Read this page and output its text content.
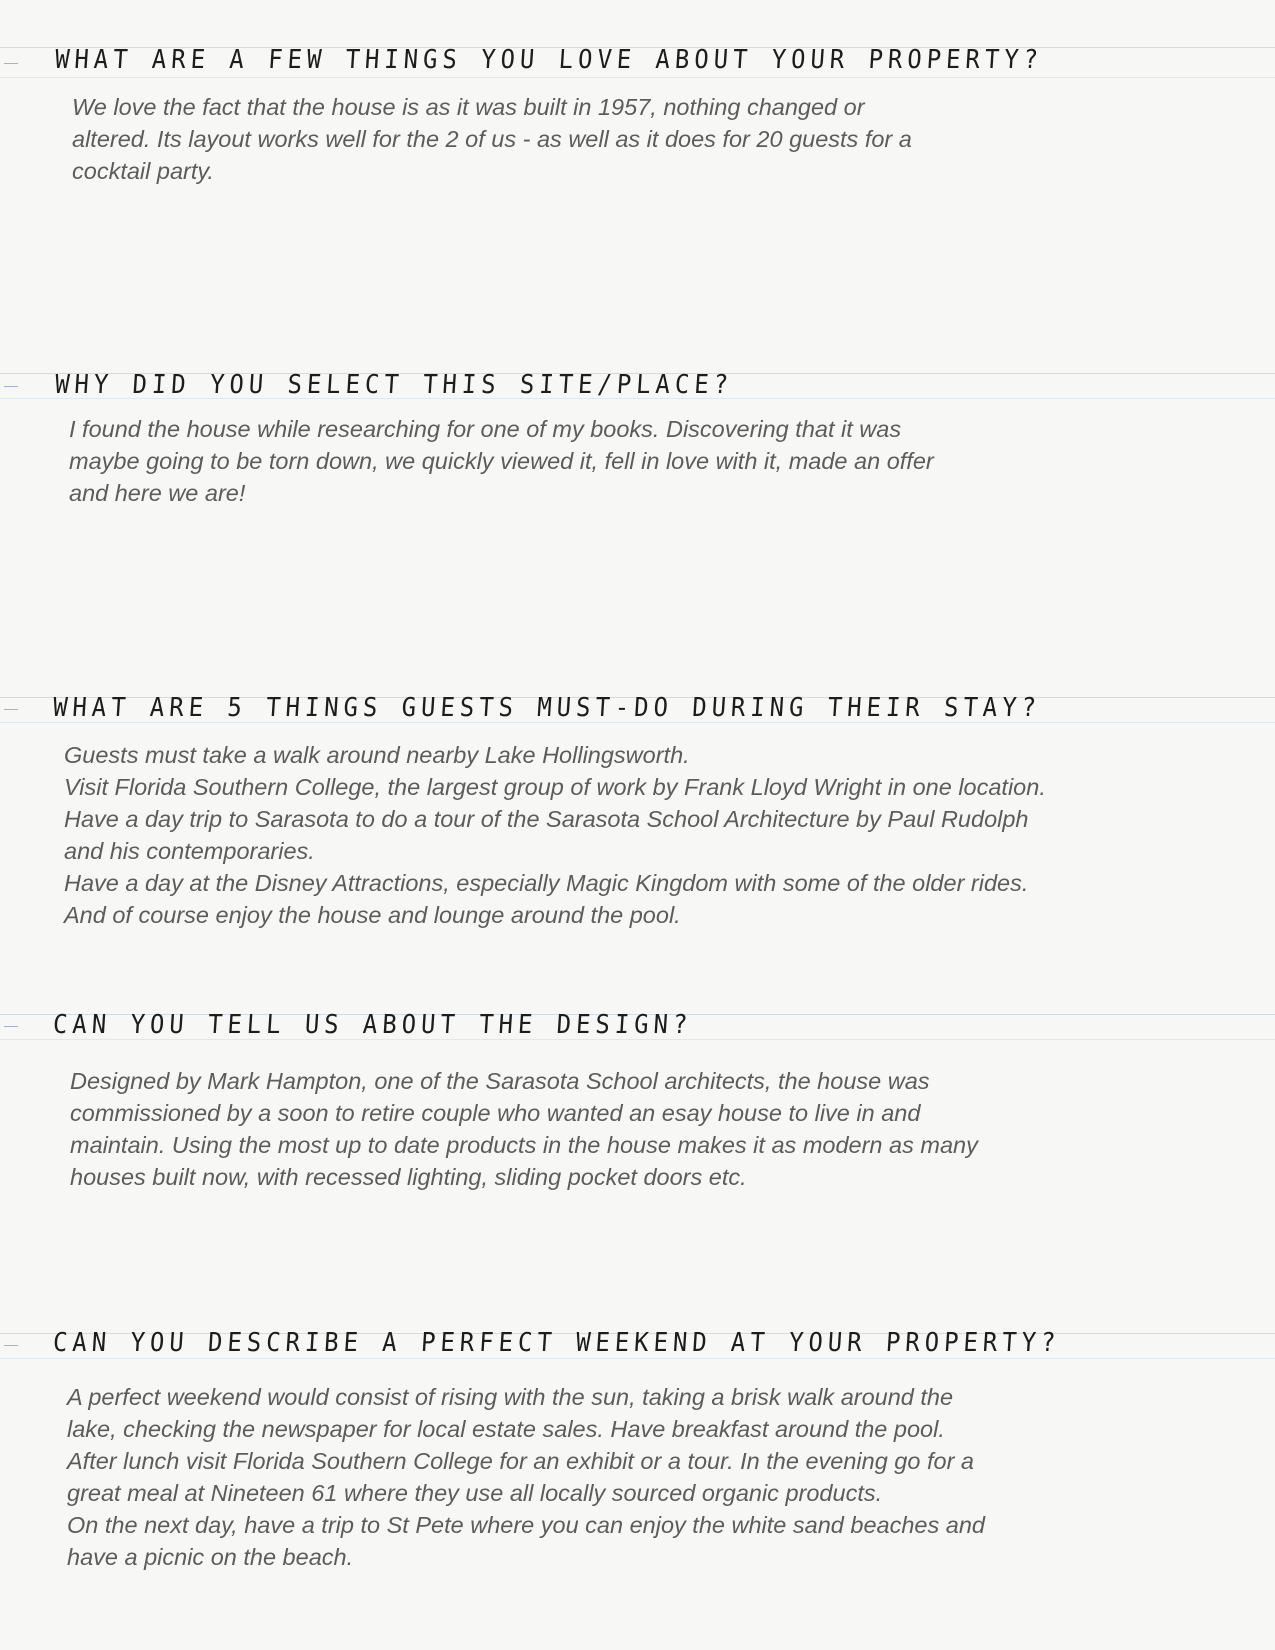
WHAT ARE A FEW THINGS YOU LOVE ABOUT YOUR PROPERTY?
We love the fact that the house is as it was built in 1957, nothing changed or
altered. Its layout works well for the 2 of us - as well as it does for 20 guests for a
cocktail party.
WHY DID YOU SELECT THIS SITE/PLACE?
I found the house while researching for one of my books. Discovering that it was
maybe going to be torn down, we quickly viewed it, fell in love with it, made an offer
and here we are!
WHAT ARE 5 THINGS GUESTS MUST-DO DURING THEIR STAY?
Guests must take a walk around nearby Lake Hollingsworth.
Visit Florida Southern College, the largest group of work by Frank Lloyd Wright in one location.
Have a day trip to Sarasota to do a tour of the Sarasota School Architecture by Paul Rudolph
and his contemporaries.
Have a day at the Disney Attractions, especially Magic Kingdom with some of the older rides.
And of course enjoy the house and lounge around the pool.
CAN YOU TELL US ABOUT THE DESIGN?
Designed by Mark Hampton, one of the Sarasota School architects, the house was
commissioned by a soon to retire couple who wanted an esay house to live in and
maintain. Using the most up to date products in the house makes it as modern as many
houses built now, with recessed lighting, sliding pocket doors etc.
CAN YOU DESCRIBE A PERFECT WEEKEND AT YOUR PROPERTY?
A perfect weekend would consist of rising with the sun, taking a brisk walk around the
lake, checking the newspaper for local estate sales. Have breakfast around the pool.
After lunch visit Florida Southern College for an exhibit or a tour. In the evening go for a
great meal at Nineteen 61 where they use all locally sourced organic products.
On the next day, have a trip to St Pete where you can enjoy the white sand beaches and
have a picnic on the beach.
